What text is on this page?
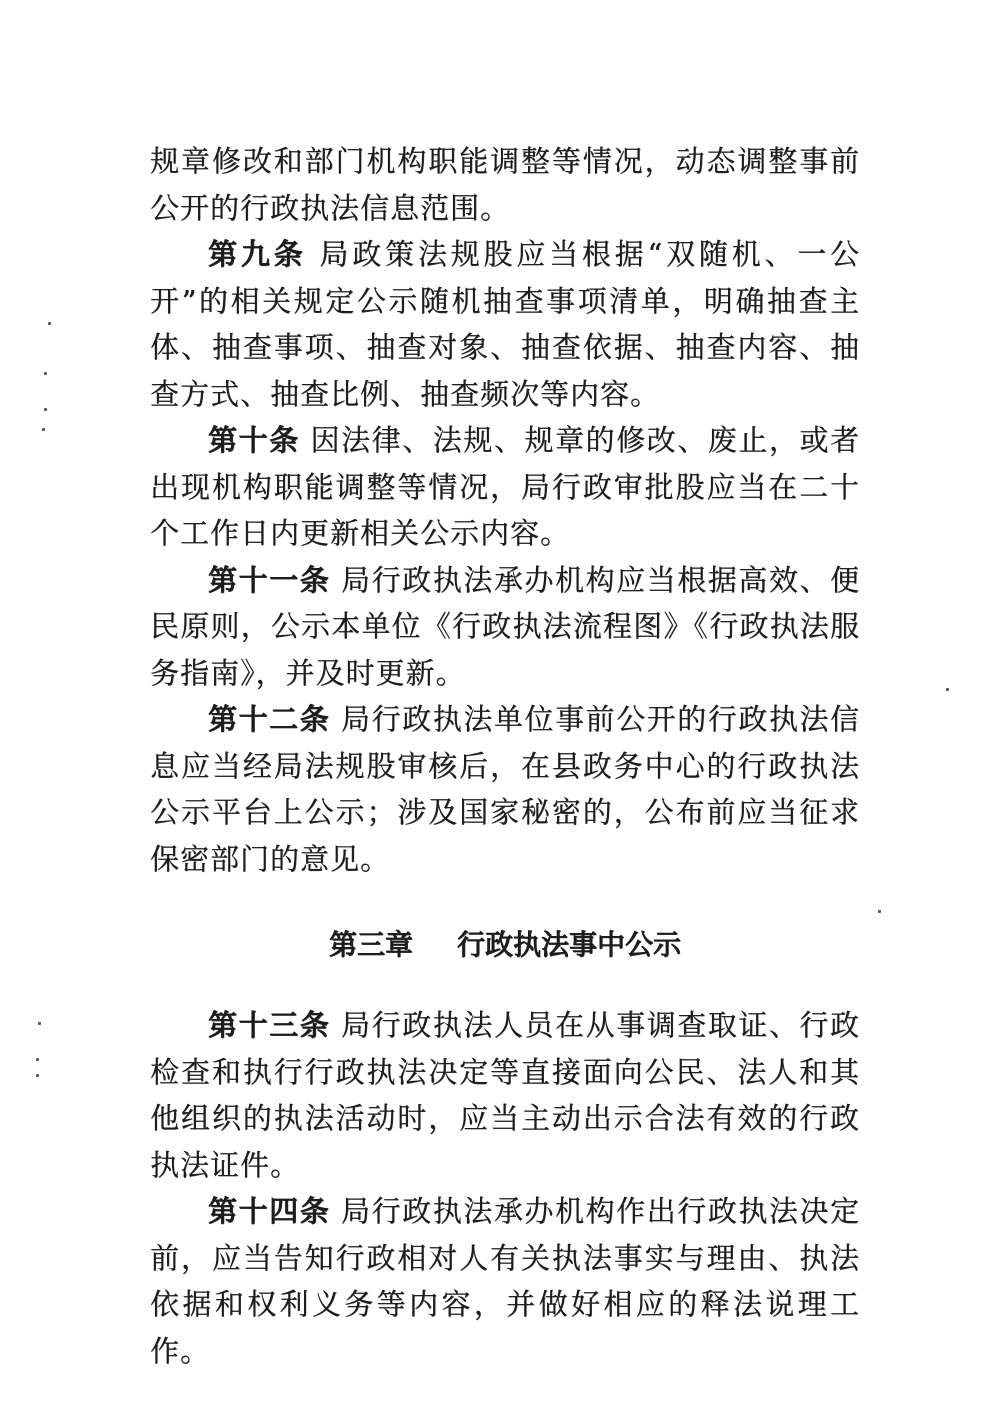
规章修改和部门机构职能调整等情况，动态调整事前公开的行政执法信息范围。

第九条 局政策法规股应当根据“双随机、一公开”的相关规定公示随机抽查事项清单，明确抽查主体、抽查事项、抽查对象、抽查依据、抽查内容、抽查方式、抽查比例、抽查频次等内容。

第十条 因法律、法规、规章的修改、废止，或者出现机构职能调整等情况，局行政审批股应当在二十个工作日内更新相关公示内容。

第十一条 局行政执法承办机构应当根据高效、便民原则，公示本单位《行政执法流程图》《行政执法服务指南》，并及时更新。

第十二条 局行政执法单位事前公开的行政执法信息应当经局法规股审核后，在县政务中心的行政执法公示平台上公示；涉及国家秘密的，公布前应当征求保密部门的意见。

第三章 行政执法事中公示

第十三条 局行政执法人员在从事调查取证、行政检查和执行行政执法决定等直接面向公民、法人和其他组织的执法活动时，应当主动出示合法有效的行政执法证件。

第十四条 局行政执法承办机构作出行政执法决定前，应当告知行政相对人有关执法事实与理由、执法依据和权利义务等内容，并做好相应的释法说理工作。
